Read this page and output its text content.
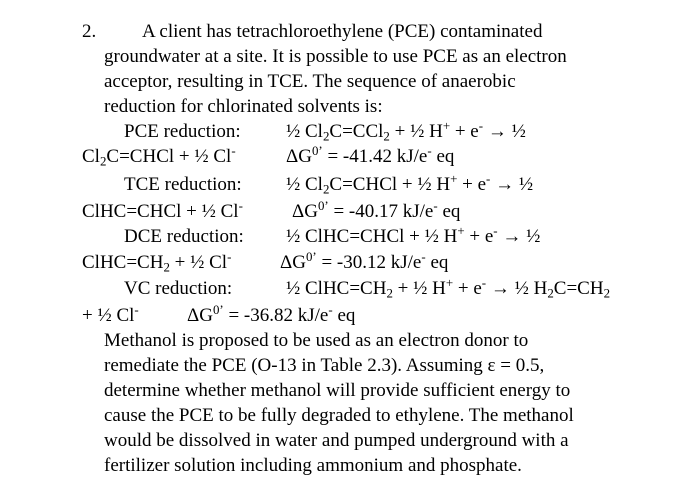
2. A client has tetrachloroethylene (PCE) contaminated
groundwater at a site. It is possible to use PCE as an electron
acceptor, resulting in TCE. The sequence of anaerobic
reduction for chlorinated solvents is:
PCE reduction: ½ $Cl_2C=CCl_2$ + ½ H+ + e- → ½
$Cl_2C=CHCl$ + ½ Cl-	$\Delta G^{0’} = -41.42$ kJ/e- eq
TCE reduction: ½ $Cl_2C=CHCl$ + ½ H+ + e- → ½
ClHC=CHCl + ½ Cl-	$\Delta G^{0’} = -40.17$ kJ/e- eq
DCE reduction: ½ ClHC=CHCl + ½ H+ + e- → ½
$ClHC=CH_2$ + ½ Cl-	$\Delta G^{0’} = -30.12$ kJ/e- eq
VC reduction:	½ $ClHC=CH_2$ + ½ H+ + e- → ½ $H_2C=CH_2$
+ ½ Cl-	$\Delta G^{0’} = -36.82$ kJ/e- eq
Methanol is proposed to be used as an electron donor to
remediate the PCE (O-13 in Table 2.3). Assuming ε = 0.5,
determine whether methanol will provide sufficient energy to
cause the PCE to be fully degraded to ethylene. The methanol
would be dissolved in water and pumped underground with a
fertilizer solution including ammonium and phosphate.
